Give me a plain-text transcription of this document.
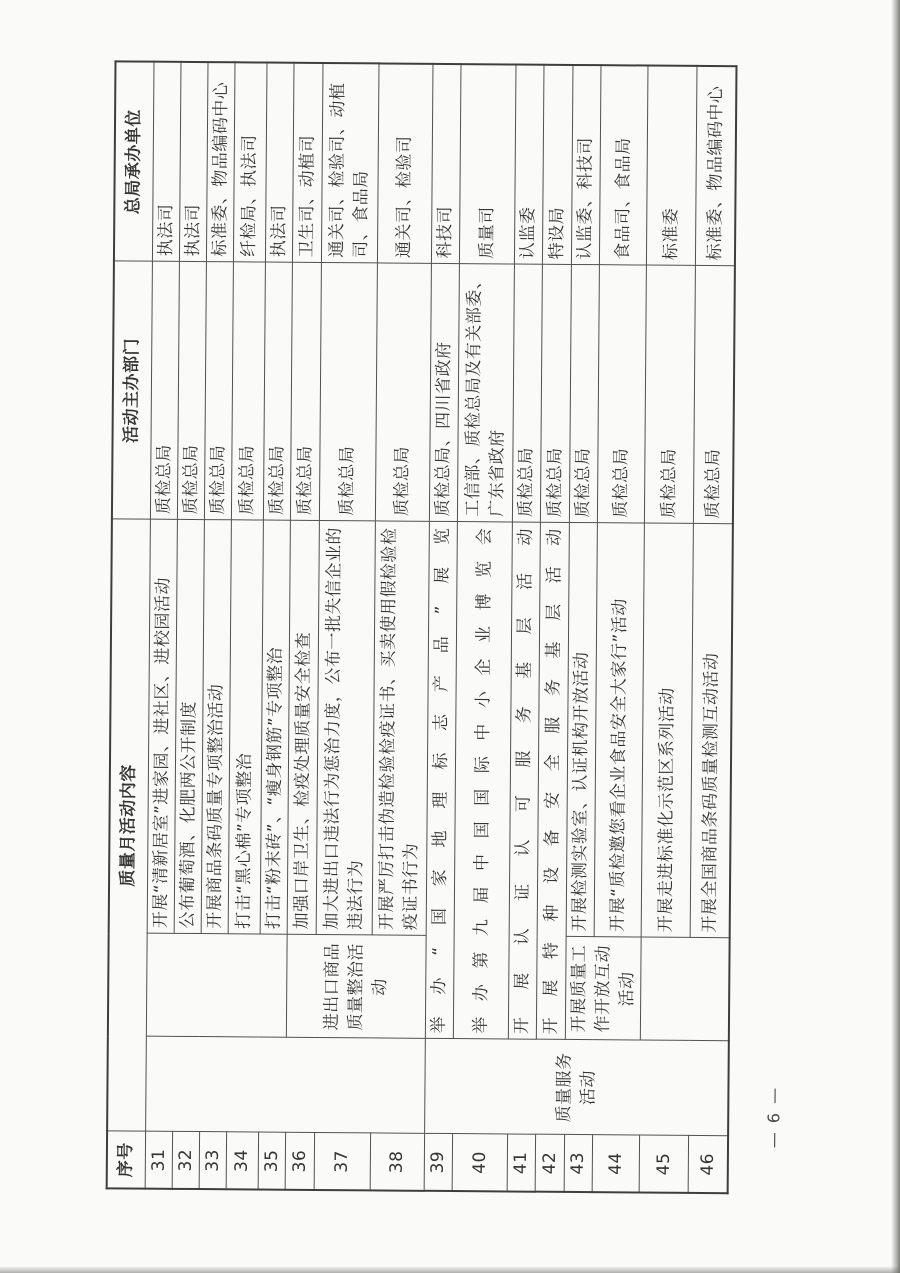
序号	质量月活动内容			活动主办部门	总局承办单位
31			开展“清新居室”进家园、进社区、进校园活动	质检总局	执法司
32			公布葡萄酒、化肥两公开制度	质检总局	执法司
33			开展商品条码质量专项整治活动	质检总局	标准委、物品编码中心
34			打击“黑心棉”专项整治	质检总局	纤检局、执法司
35			打击“粉末砖”、“瘦身钢筋”专项整治	质检总局	执法司
36		进出口商品质量整治活动	加强口岸卫生、检疫处理质量安全检查	质检总局	卫生司、动植司
37			加大进出口违法行为惩治力度，公布一批失信企业的违法行为	质检总局	通关司、检验司、动植司、食品局
38			开展严厉打击伪造检验检疫证书、买卖使用假检验检疫证书行为	质检总局	通关司、检验司
39	质量服务活动	举办“国家地理标志产品”展览		质检总局、四川省政府	科技司
40		举办第九届中国国际中小企业博览会		工信部、质检总局及有关部委、广东省政府	质量司
41		开展认证认可服务基层活动		质检总局	认监委
42		开展特种设备安全服务基层活动		质检总局	特设局
43		开展质量工作开放互动活动	开展检测实验室、认证机构开放活动	质检总局	认监委、科技司
44			开展“质检邀您看企业食品安全大家行”活动	质检总局	食品司、食品局
45			开展走进标准化示范区系列活动	质检总局	标准委
46			开展全国商品条码质量检测互动活动	质检总局	标准委、物品编码中心
— 6 —
